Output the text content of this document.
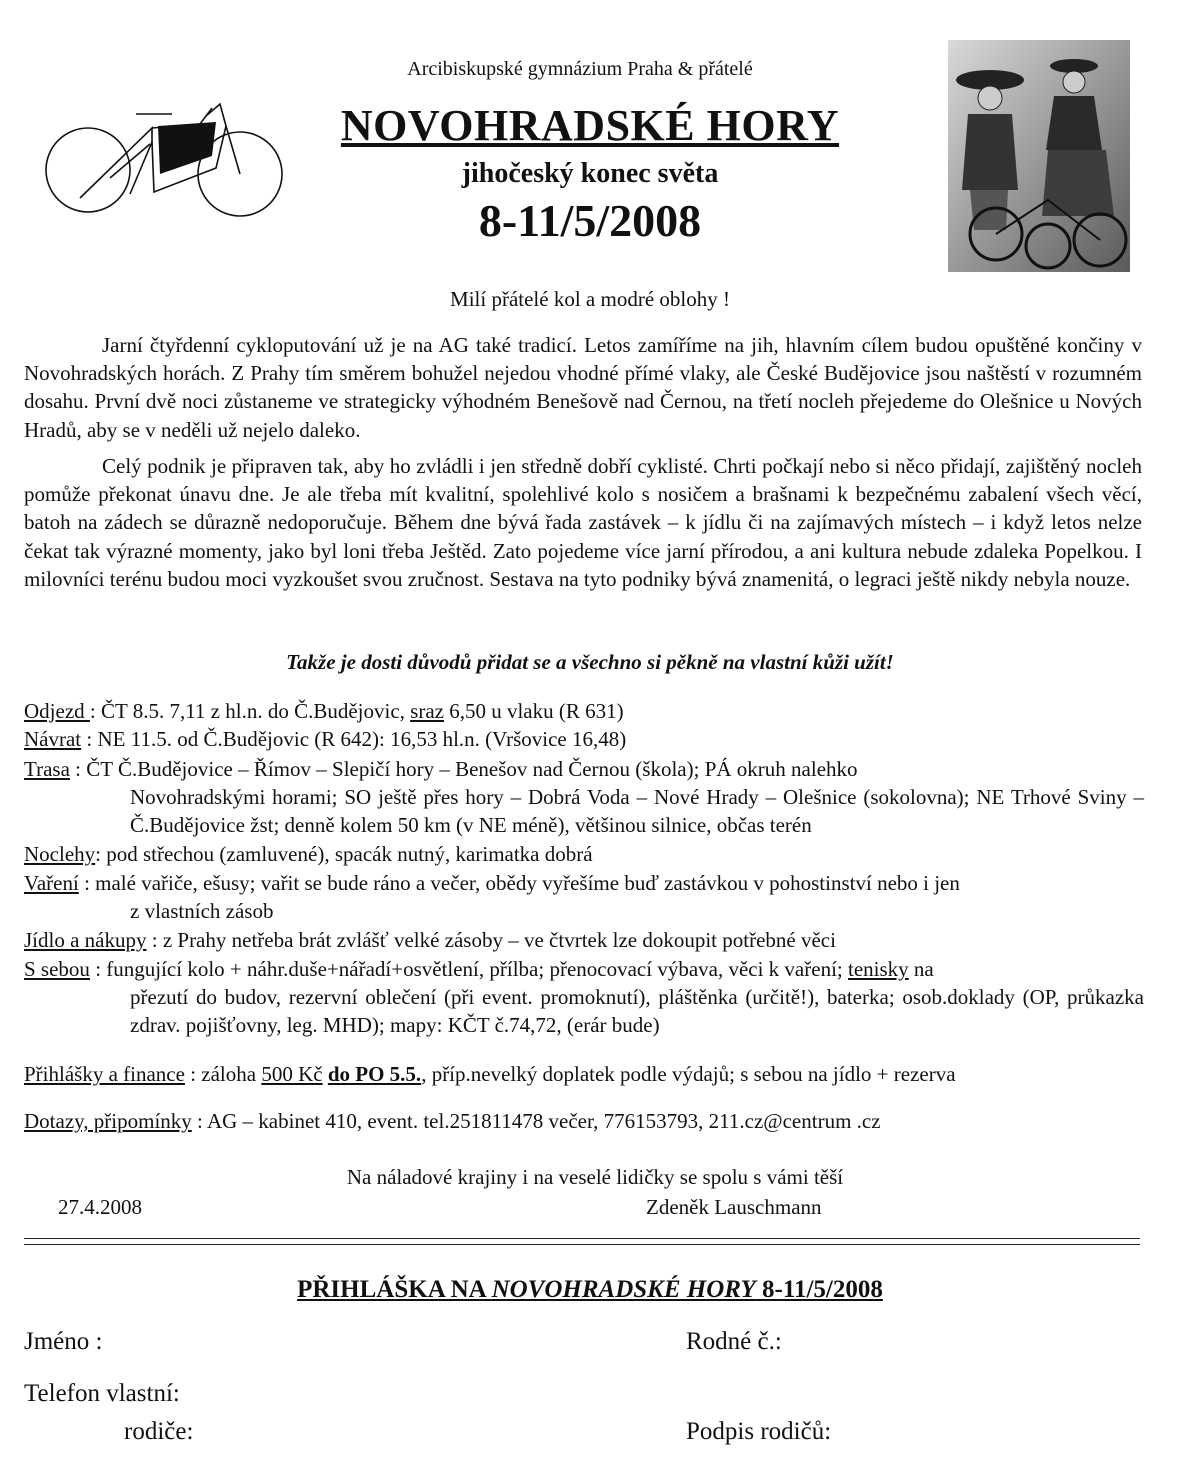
Arcibiskupské gymnázium Praha & přátelé
NOVOHRADSKÉ HORY
jihočeský konec světa
8-11/5/2008
Milí přátelé kol a modré oblohy !
Jarní čtyřdenní cykloputování už je na AG také tradicí. Letos zamíříme na jih, hlavním cílem budou opuštěné končiny v Novohradských horách. Z Prahy tím směrem bohužel nejedou vhodné přímé vlaky, ale České Budějovice jsou naštěstí v rozumném dosahu. První dvě noci zůstaneme ve strategicky výhodném Benešově nad Černou, na třetí nocleh přejedeme do Olešnice u Nových Hradů, aby se v neděli už nejelo daleko.
Celý podnik je připraven tak, aby ho zvládli i jen středně dobří cyklisté. Chrti počkají nebo si něco přidají, zajištěný nocleh pomůže překonat únavu dne. Je ale třeba mít kvalitní, spolehlivé kolo s nosičem a brašnami k bezpečnému zabalení všech věcí, batoh na zádech se důrazně nedoporučuje. Během dne bývá řada zastávek – k jídlu či na zajímavých místech – i když letos nelze čekat tak výrazné momenty, jako byl loni třeba Ještěd. Zato pojedeme více jarní přírodou, a ani kultura nebude zdaleka Popelkou. I milovníci terénu budou moci vyzkoušet svou zručnost. Sestava na tyto podniky bývá znamenitá, o legraci ještě nikdy nebyla nouze.
Takže je dosti důvodů přidat se a všechno si pěkně na vlastní kůži užít!
Odjezd : ČT 8.5. 7,11 z hl.n. do Č.Budějovic, sraz 6,50 u vlaku (R 631)
Návrat : NE 11.5. od Č.Budějovic (R 642): 16,53 hl.n. (Vršovice 16,48)
Trasa : ČT Č.Budějovice – Římov – Slepičí hory – Benešov nad Černou (škola); PÁ okruh nalehko
Novohradskými horami; SO ještě přes hory – Dobrá Voda – Nové Hrady – Olešnice (sokolovna); NE Trhové Sviny – Č.Budějovice žst; denně kolem 50 km (v NE méně), většinou silnice, občas terén
Noclehy: pod střechou (zamluvené), spacák nutný, karimatka dobrá
Vaření : malé vařiče, ešusy; vařit se bude ráno a večer, obědy vyřešíme buď zastávkou v pohostinství nebo i jen
z vlastních zásob
Jídlo a nákupy : z Prahy netřeba brát zvlášť velké zásoby – ve čtvrtek lze dokoupit potřebné věci
S sebou : fungující kolo + náhr.duše+nářadí+osvětlení, přílba; přenocovací výbava, věci k vaření; tenisky na
přezutí do budov, rezervní oblečení (při event. promoknutí), pláštěnka (určitě!), baterka; osob.doklady (OP, průkazka zdrav. pojišťovny, leg. MHD); mapy: KČT č.74,72, (erár bude)
Přihlášky a finance : záloha 500 Kč do PO 5.5., příp.nevelký doplatek podle výdajů; s sebou na jídlo + rezerva
Dotazy, připomínky : AG – kabinet 410, event. tel.251811478 večer, 776153793, 211.cz@centrum .cz
Na náladové krajiny i na veselé lidičky se spolu s vámi těší
27.4.2008	Zdeněk Lauschmann
PŘIHLÁŠKA NA NOVOHRADSKÉ HORY 8-11/5/2008
Jméno :	Rodné č.:
Telefon vlastní:
rodiče:	Podpis rodičů:
